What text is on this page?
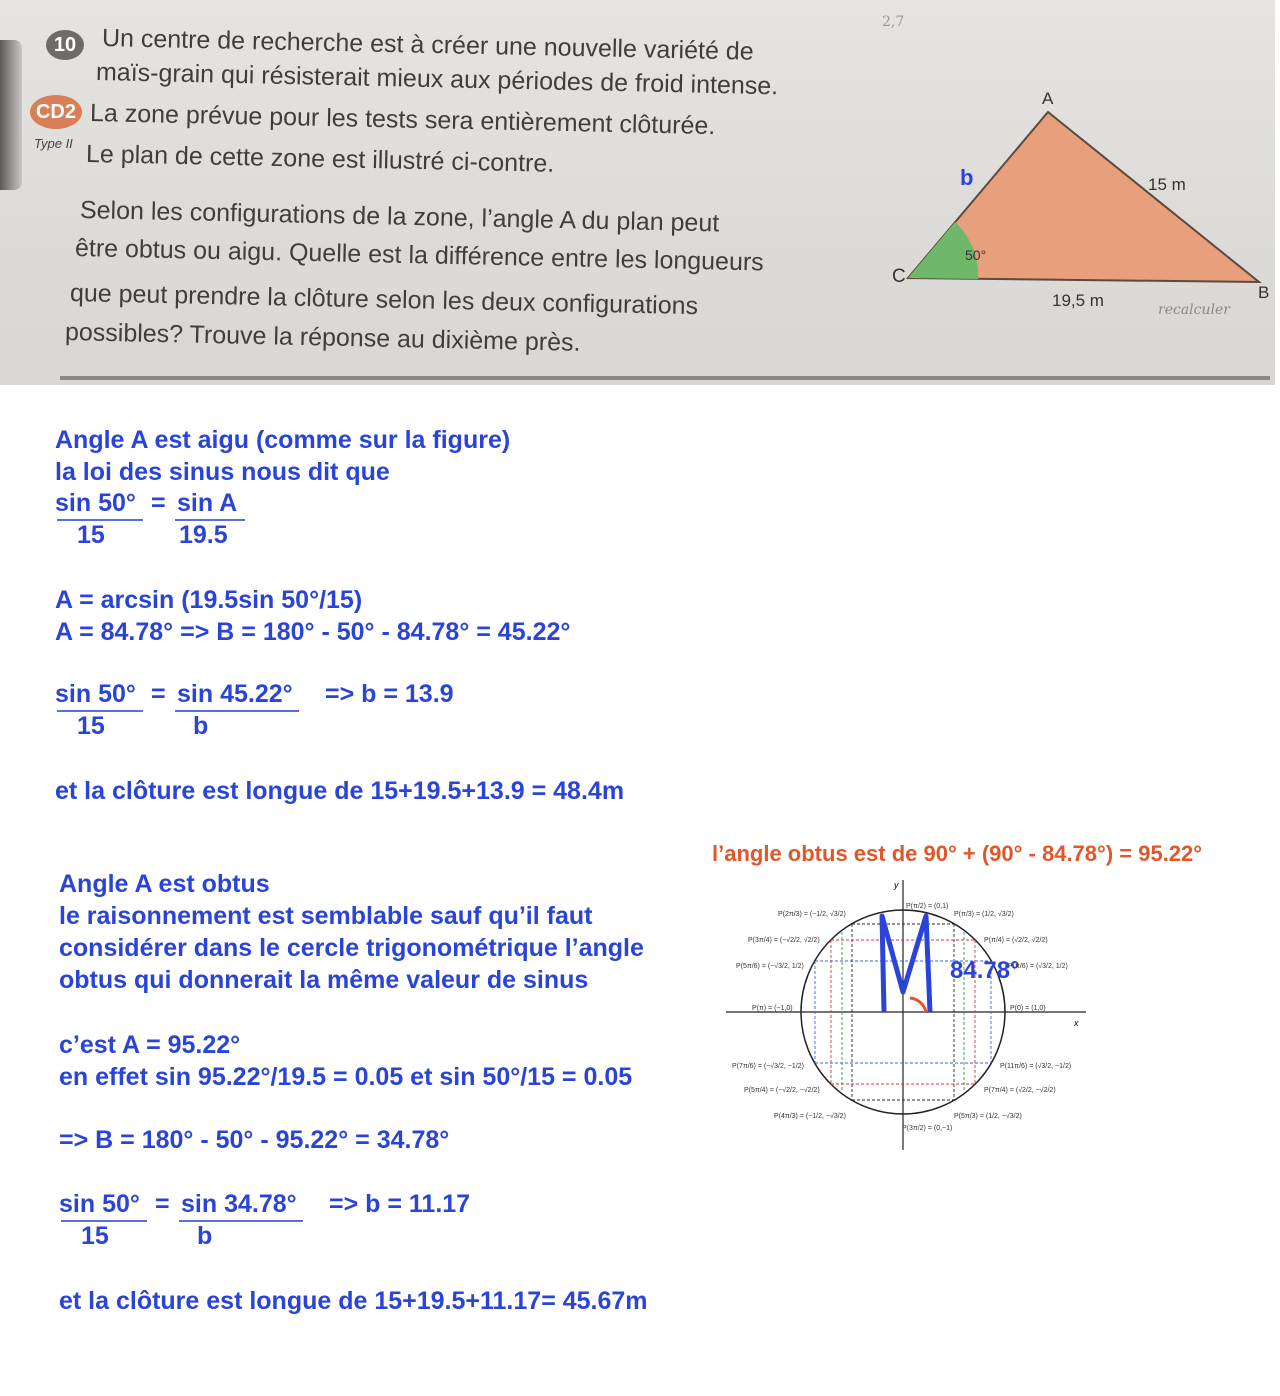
10
CD2
Type II
2,7
Un centre de recherche est à créer une nouvelle variété de
maïs-grain qui résisterait mieux aux périodes de froid intense.
La zone prévue pour les tests sera entièrement clôturée.
Le plan de cette zone est illustré ci-contre.
Selon les configurations de la zone, l’angle A du plan peut
être obtus ou aigu. Quelle est la différence entre les longueurs
que peut prendre la clôture selon les deux configurations
possibles? Trouve la réponse au dixième près.
A
C
B
b	15 m
50°
19,5 m	recalculer
Angle A est aigu (comme sur la figure)
la loi des sinus nous dit que
sin 50° = sin A
15	19.5
A = arcsin (19.5sin 50°/15)
A = 84.78° => B = 180° - 50° - 84.78° = 45.22°
sin 50° = sin 45.22° => b = 13.9
15	b
et la clôture est longue de 15+19.5+13.9 = 48.4m
l’angle obtus est de 90° + (90° - 84.78°) = 95.22°
Angle A est obtus
le raisonnement est semblable sauf qu’il faut
considérer dans le cercle trigonométrique l’angle
obtus qui donnerait la même valeur de sinus
c’est A = 95.22°
en effet sin 95.22°/19.5 = 0.05 et sin 50°/15 = 0.05
=> B = 180° - 50° - 95.22° = 34.78°
sin 50° = sin 34.78° => b = 11.17
15	b
et la clôture est longue de 15+19.5+11.17= 45.67m
x
y
84.78°
P(π/2) = (0,1)
P(π/3) = (1/2, √3/2)
P(π/4) = (√2/2, √2/2)
P(π/6) = (√3/2, 1/2)
P(0) = (1,0)
P(2π/3) = (−1/2, √3/2)
P(3π/4) = (−√2/2, √2/2)
P(5π/6) = (−√3/2, 1/2)
P(π) = (−1,0)
P(7π/6) = (−√3/2, −1/2)
P(5π/4) = (−√2/2, −√2/2)
P(4π/3) = (−1/2, −√3/2)
P(3π/2) = (0,−1)
P(5π/3) = (1/2, −√3/2)
P(7π/4) = (√2/2, −√2/2)
P(11π/6) = (√3/2, −1/2)
